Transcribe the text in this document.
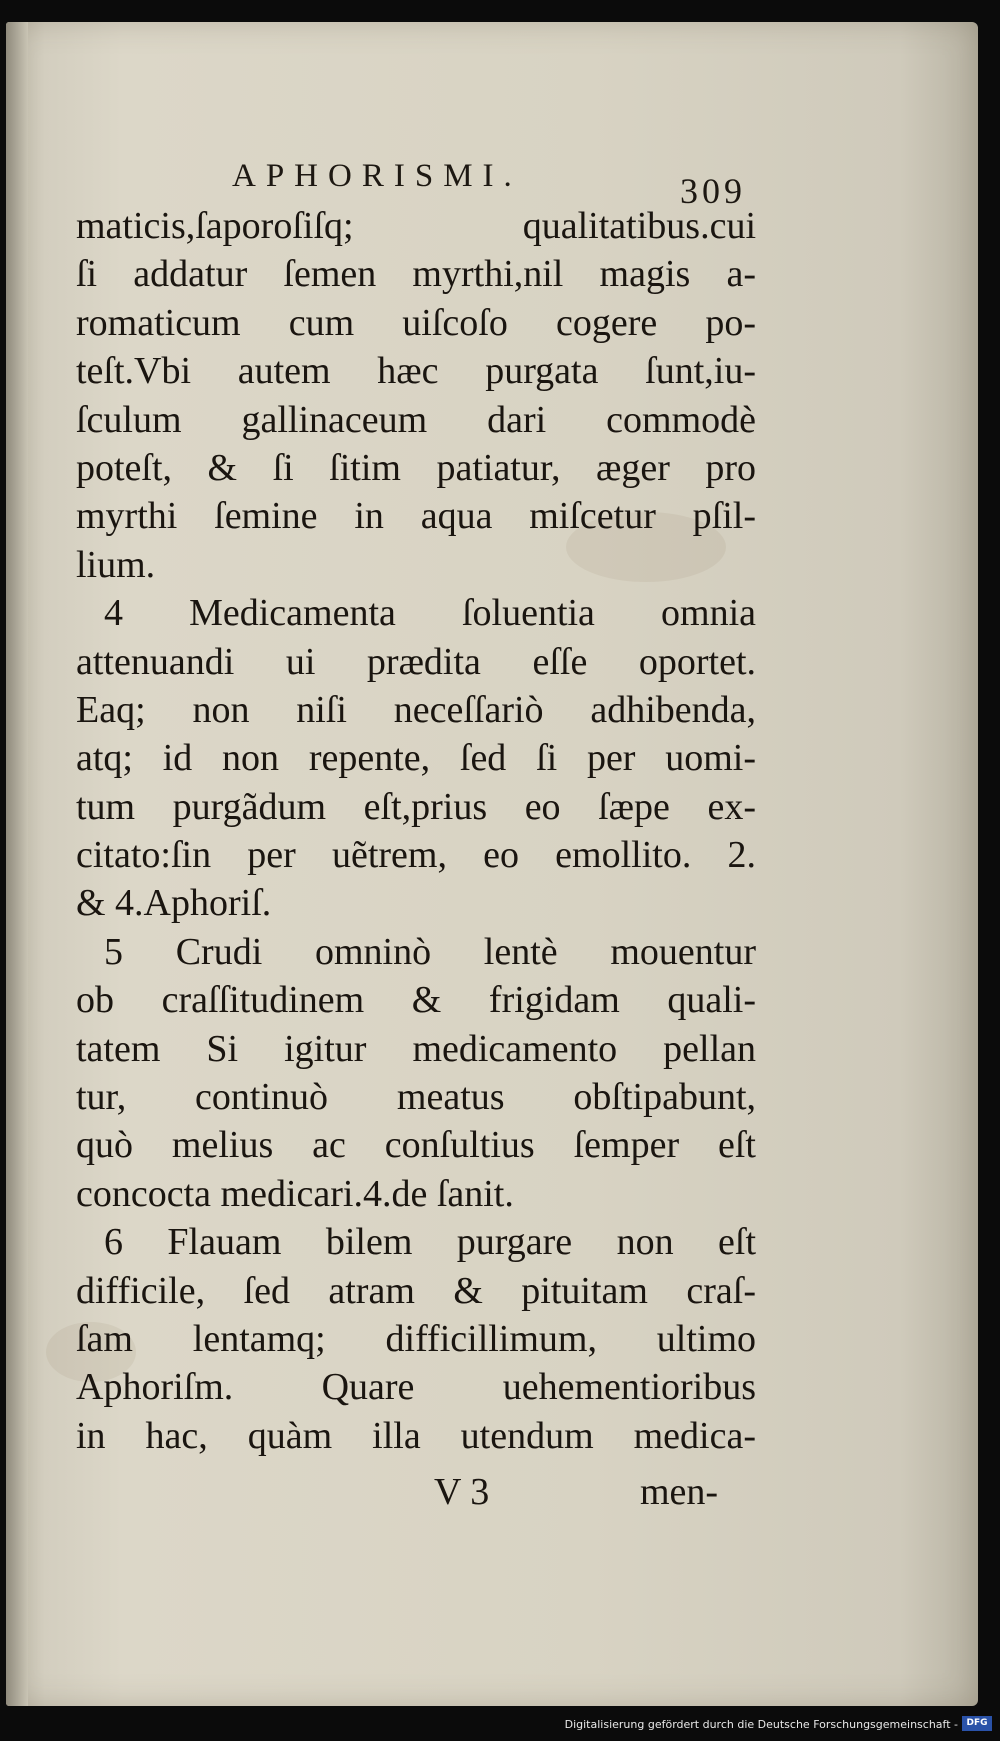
APHORISMI.	309
maticis,ſaporoſiſq; qualitatibus.cui
ſi addatur ſemen myrthi,nil magis a-
romaticum cum uiſcoſo cogere po-
teſt.Vbi autem hæc purgata ſunt,iu-
ſculum gallinaceum dari commodè
poteſt, & ſi ſitim patiatur, æger pro
myrthi ſemine in aqua miſcetur pſil-
lium.
4 Medicamenta ſoluentia omnia
attenuandi ui prædita eſſe oportet.
Eaq; non niſi neceſſariò adhibenda,
atq; id non repente, ſed ſi per uomi-
tum purgãdum eſt,prius eo ſæpe ex-
citato:ſin per uẽtrem, eo emollito. 2.
& 4.Aphoriſ.
5 Crudi omninò lentè mouentur
ob craſſitudinem & frigidam quali-
tatem Si igitur medicamento pellan
tur, continuò meatus obſtipabunt,
quò melius ac conſultius ſemper eſt
concocta medicari.4.de ſanit.
6 Flauam bilem purgare non eſt
difficile, ſed atram & pituitam craſ-
ſam lentamq; difficillimum, ultimo
Aphoriſm. Quare uehementioribus
in hac, quàm illa utendum medica-
V 3	men-
Digitalisierung gefördert durch die Deutsche Forschungsgemeinschaft - DFG
